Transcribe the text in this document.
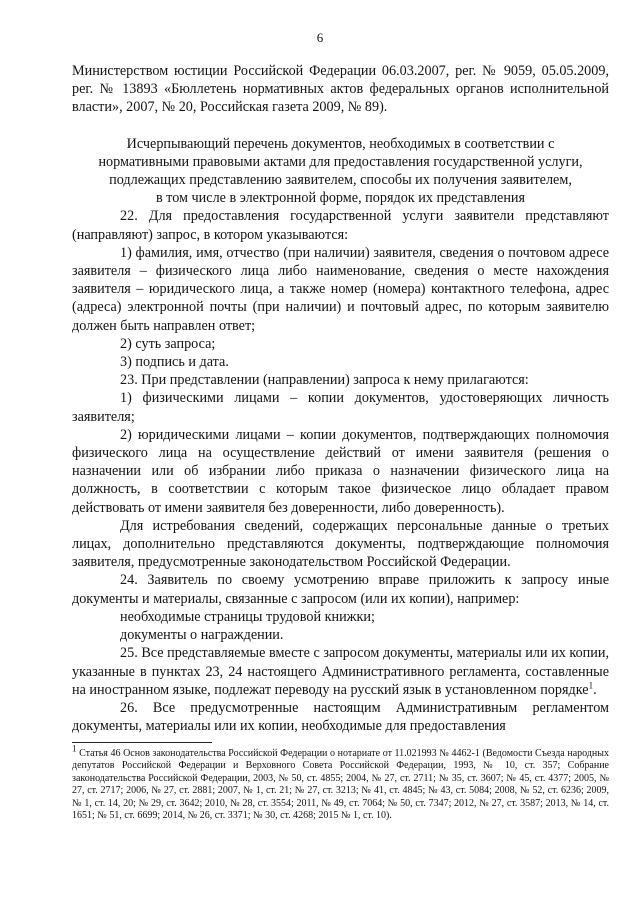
6

Министерством юстиции Российской Федерации 06.03.2007, рег. № 9059, 05.05.2009, рег. № 13893 «Бюллетень нормативных актов федеральных органов исполнительной власти», 2007, № 20, Российская газета 2009, № 89).

Исчерпывающий перечень документов, необходимых в соответствии с
нормативными правовыми актами для предоставления государственной услуги,
подлежащих представлению заявителем, способы их получения заявителем,
в том числе в электронной форме, порядок их представления

22. Для предоставления государственной услуги заявители представляют (направляют) запрос, в котором указываются:

1) фамилия, имя, отчество (при наличии) заявителя, сведения о почтовом адресе заявителя – физического лица либо наименование, сведения о месте нахождения заявителя – юридического лица, а также номер (номера) контактного телефона, адрес (адреса) электронной почты (при наличии) и почтовый адрес, по которым заявителю должен быть направлен ответ;

2) суть запроса;

3) подпись и дата.

23. При представлении (направлении) запроса к нему прилагаются:

1) физическими лицами – копии документов, удостоверяющих личность заявителя;

2) юридическими лицами – копии документов, подтверждающих полномочия физического лица на осуществление действий от имени заявителя (решения о назначении или об избрании либо приказа о назначении физического лица на должность, в соответствии с которым такое физическое лицо обладает правом действовать от имени заявителя без доверенности, либо доверенность).

Для истребования сведений, содержащих персональные данные о третьих лицах, дополнительно представляются документы, подтверждающие полномочия заявителя, предусмотренные законодательством Российской Федерации.

24. Заявитель по своему усмотрению вправе приложить к запросу иные документы и материалы, связанные с запросом (или их копии), например:

необходимые страницы трудовой книжки;

документы о награждении.

25. Все представляемые вместе с запросом документы, материалы или их копии, указанные в пунктах 23, 24 настоящего Административного регламента, составленные на иностранном языке, подлежат переводу на русский язык в установленном порядке$^1$.

26. Все предусмотренные настоящим Административным регламентом документы, материалы или их копии, необходимые для предоставления

$^1$ Статья 46 Основ законодательства Российской Федерации о нотариате от 11.021993 № 4462-1 (Ведомости Съезда народных депутатов Российской Федерации и Верховного Совета Российской Федерации, 1993, № 10, ст. 357; Собрание законодательства Российской Федерации, 2003, № 50, ст. 4855; 2004, № 27, ст. 2711; № 35, ст. 3607; № 45, ст. 4377; 2005, № 27, ст. 2717; 2006, № 27, ст. 2881; 2007, № 1, ст. 21; № 27, ст. 3213; № 41, ст. 4845; № 43, ст. 5084; 2008, № 52, ст. 6236; 2009, № 1, ст. 14, 20; № 29, ст. 3642; 2010, № 28, ст. 3554; 2011, № 49, ст. 7064; № 50, ст. 7347; 2012, № 27, ст. 3587; 2013, № 14, ст. 1651; № 51, ст. 6699; 2014, № 26, ст. 3371; № 30, ст. 4268; 2015 № 1, ст. 10).
